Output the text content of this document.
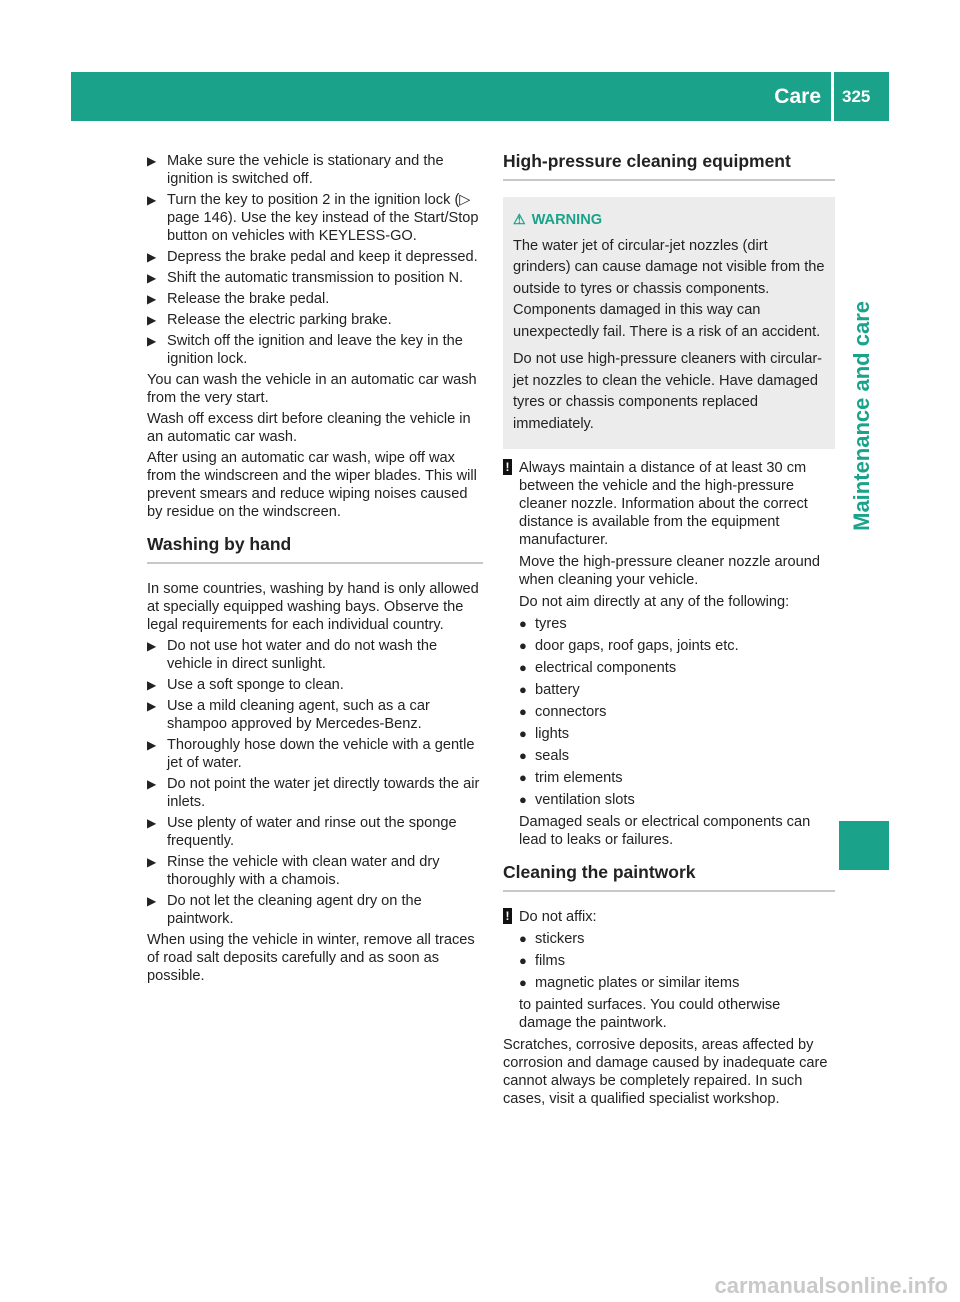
Care 325
Maintenance and care
▶ Make sure the vehicle is stationary and the ignition is switched off.
▶ Turn the key to position 2 in the ignition lock (▷ page 146). Use the key instead of the Start/Stop button on vehicles with KEYLESS-GO.
▶ Depress the brake pedal and keep it depressed.
▶ Shift the automatic transmission to position N.
▶ Release the brake pedal.
▶ Release the electric parking brake.
▶ Switch off the ignition and leave the key in the ignition lock.

You can wash the vehicle in an automatic car wash from the very start.

Wash off excess dirt before cleaning the vehicle in an automatic car wash.

After using an automatic car wash, wipe off wax from the windscreen and the wiper blades. This will prevent smears and reduce wiping noises caused by residue on the windscreen.

Washing by hand

In some countries, washing by hand is only allowed at specially equipped washing bays. Observe the legal requirements for each individual country.

▶ Do not use hot water and do not wash the vehicle in direct sunlight.
▶ Use a soft sponge to clean.
▶ Use a mild cleaning agent, such as a car shampoo approved by Mercedes-Benz.
▶ Thoroughly hose down the vehicle with a gentle jet of water.
▶ Do not point the water jet directly towards the air inlets.
▶ Use plenty of water and rinse out the sponge frequently.
▶ Rinse the vehicle with clean water and dry thoroughly with a chamois.
▶ Do not let the cleaning agent dry on the paintwork.

When using the vehicle in winter, remove all traces of road salt deposits carefully and as soon as possible.

High-pressure cleaning equipment
⚠ WARNING

The water jet of circular-jet nozzles (dirt grinders) can cause damage not visible from the outside to tyres or chassis components. Components damaged in this way can unexpectedly fail. There is a risk of an accident.

Do not use high-pressure cleaners with circular-jet nozzles to clean the vehicle. Have damaged tyres or chassis components replaced immediately.

! Always maintain a distance of at least 30 cm between the vehicle and the high-pressure cleaner nozzle. Information about the correct distance is available from the equipment manufacturer.

Move the high-pressure cleaner nozzle around when cleaning your vehicle.

Do not aim directly at any of the following:

● tyres
● door gaps, roof gaps, joints etc.
● electrical components
● battery
● connectors
● lights
● seals
● trim elements
● ventilation slots

Damaged seals or electrical components can lead to leaks or failures.

Cleaning the paintwork
! Do not affix:

● stickers
● films
● magnetic plates or similar items

to painted surfaces. You could otherwise damage the paintwork.

Scratches, corrosive deposits, areas affected by corrosion and damage caused by inadequate care cannot always be completely repaired. In such cases, visit a qualified specialist workshop.

carmanualsonline.info
